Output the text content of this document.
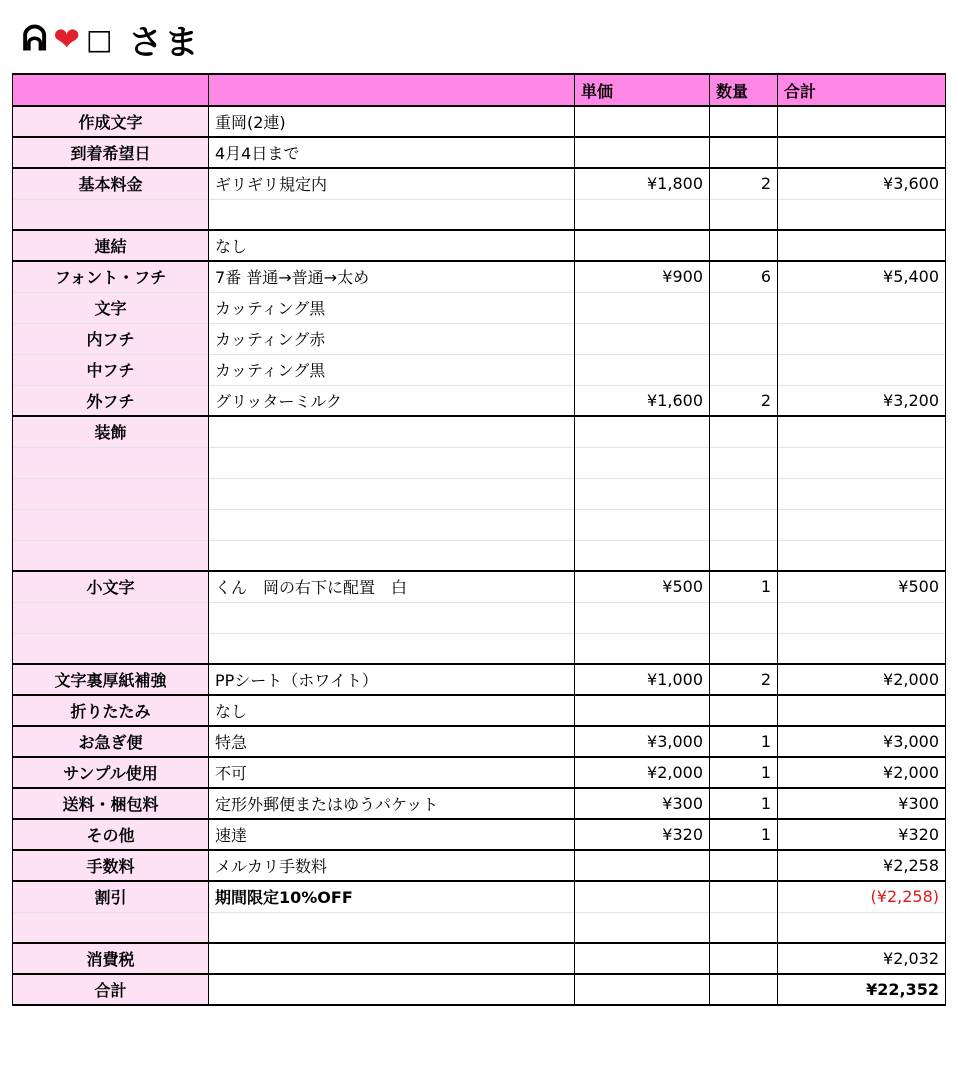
ᕱ ❤ □ さま
		単価	数量	合計
作成文字	重岡(2連)			
到着希望日	4月4日まで			
基本料金	ギリギリ規定内	¥1,800	2	¥3,600

連結	なし			
フォント・フチ	7番 普通→普通→太め	¥900	6	¥5,400
文字	カッティング黒			
内フチ	カッティング赤			
中フチ	カッティング黒			
外フチ	グリッターミルク	¥1,600	2	¥3,200
装飾				

小文字	くん　岡の右下に配置　白	¥500	1	¥500

文字裏厚紙補強	PPシート（ホワイト）	¥1,000	2	¥2,000
折りたたみ	なし			
お急ぎ便	特急	¥3,000	1	¥3,000
サンプル使用	不可	¥2,000	1	¥2,000
送料・梱包料	定形外郵便またはゆうパケット	¥300	1	¥300
その他	速達	¥320	1	¥320
手数料	メルカリ手数料			¥2,258
割引	期間限定10%OFF			(¥2,258)

消費税				¥2,032
合計				¥22,352
